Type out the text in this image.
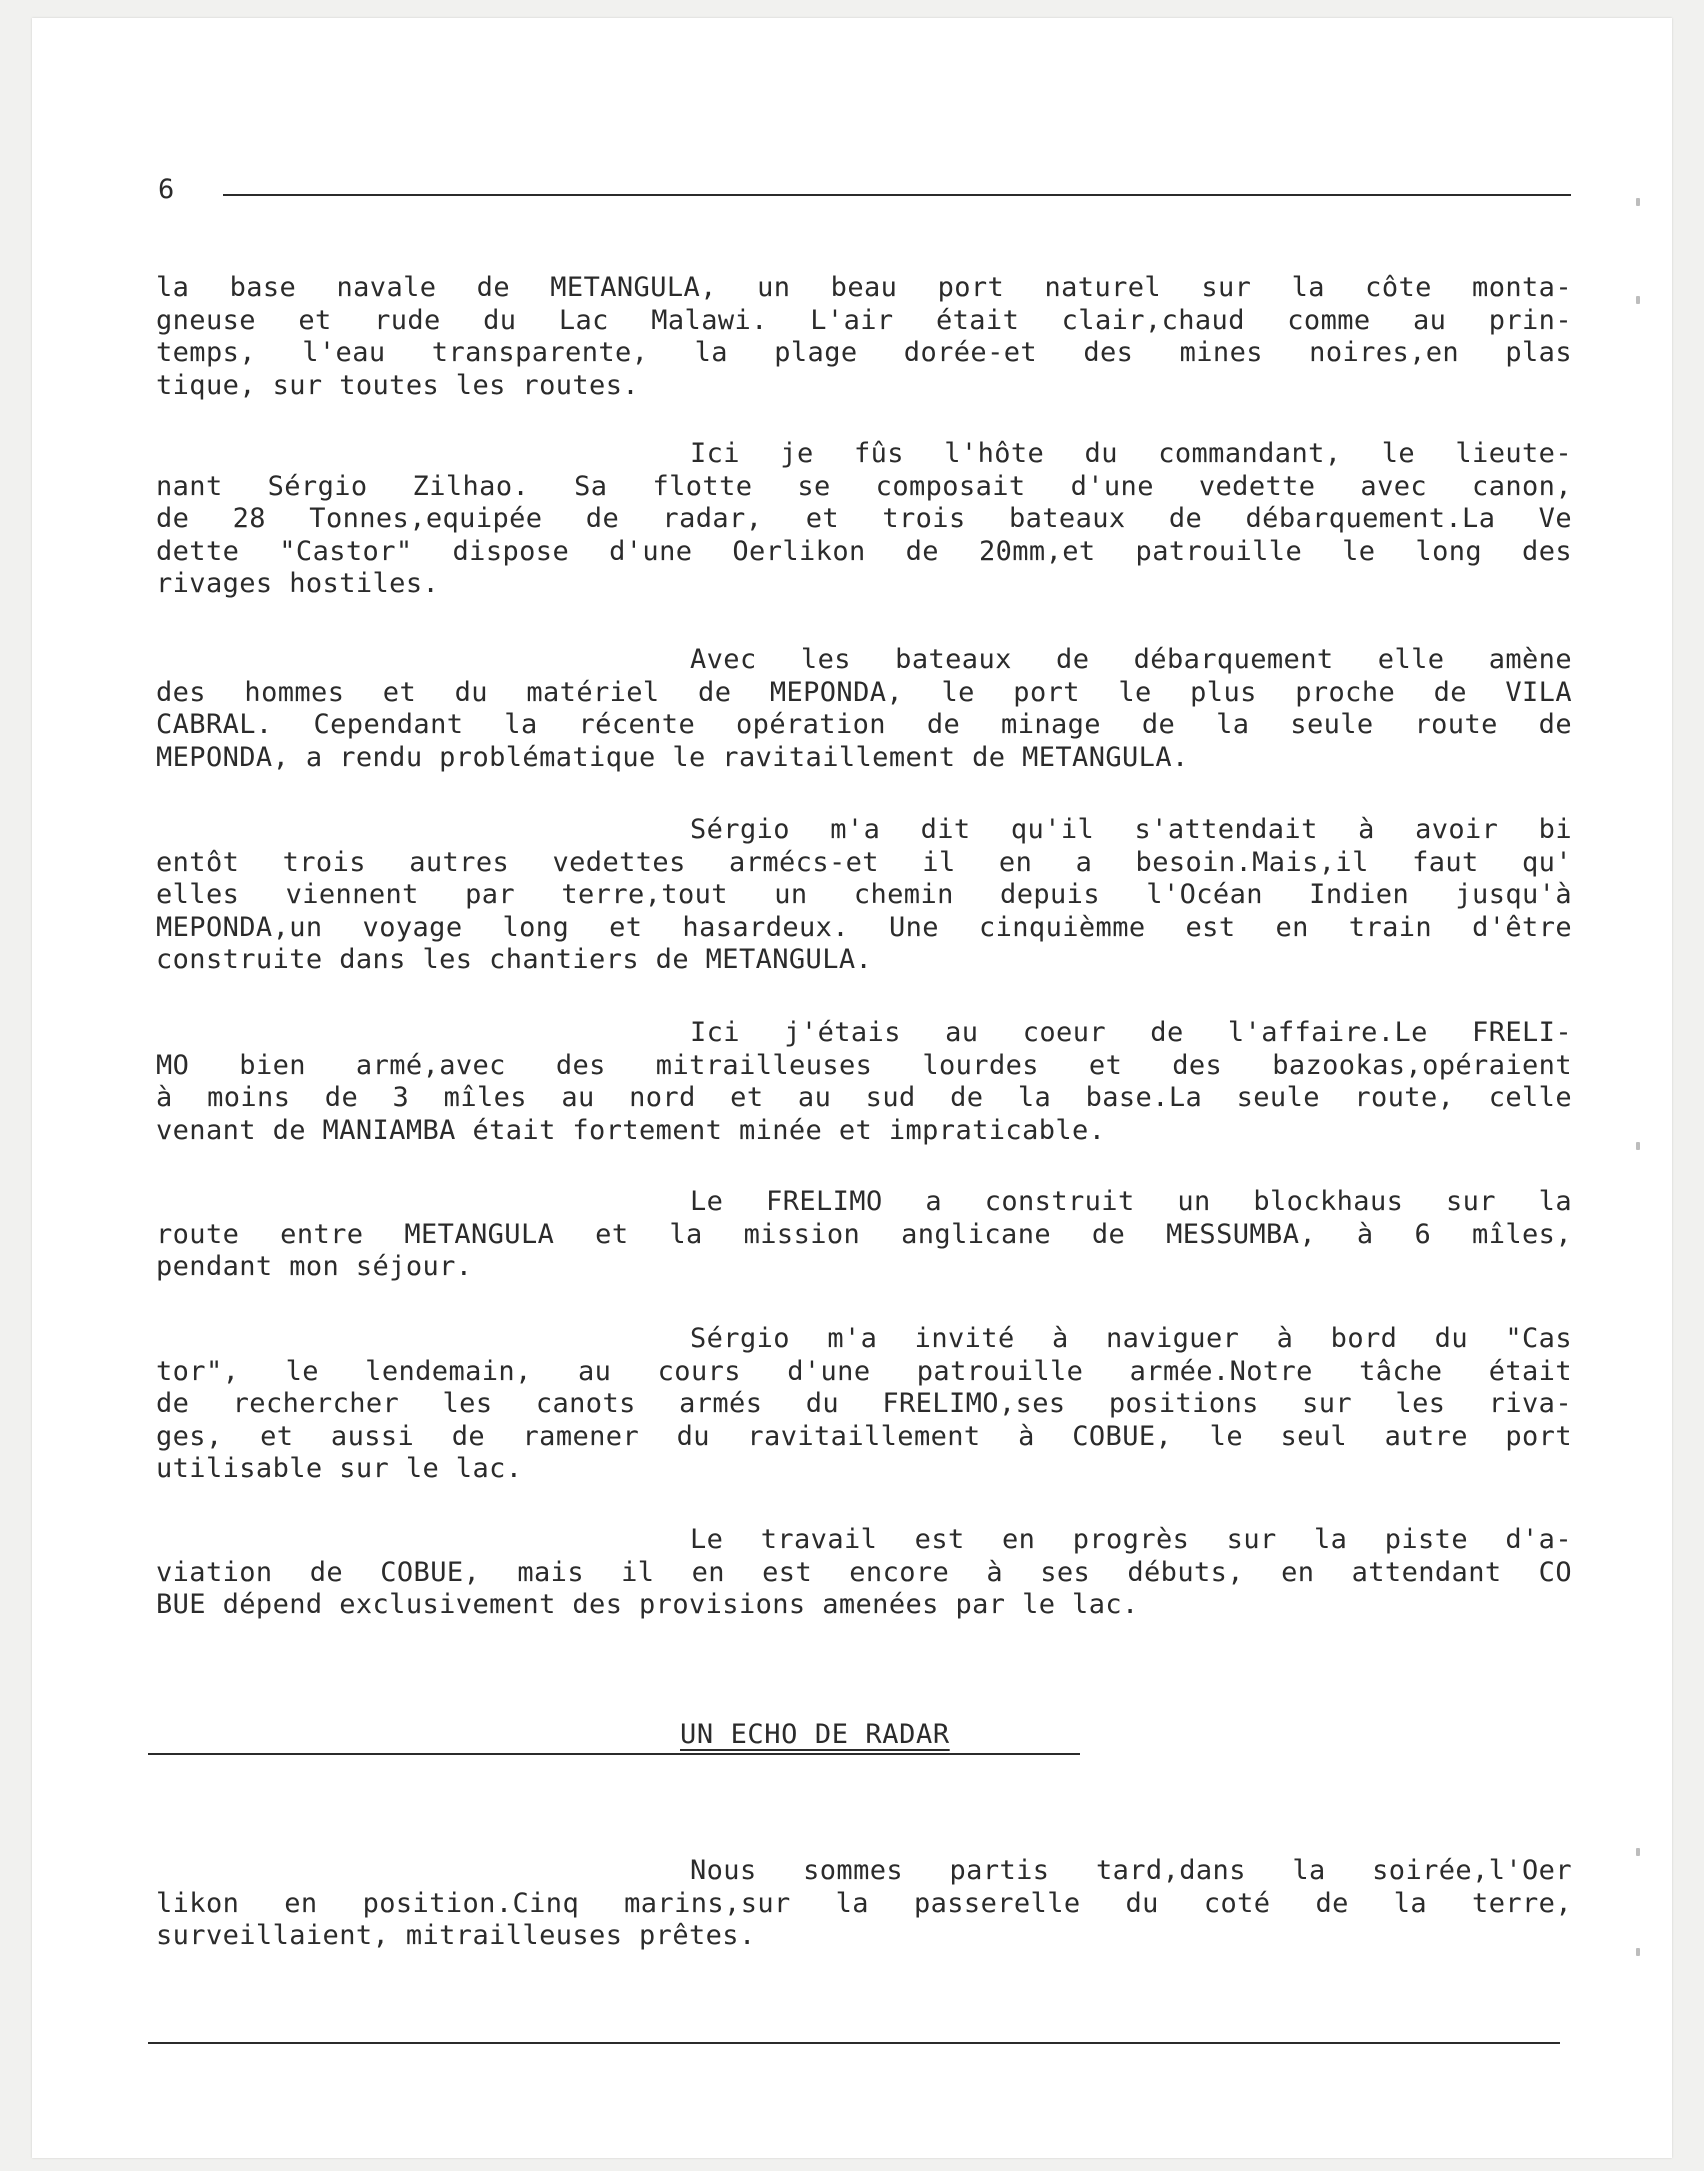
6
la base navale de METANGULA, un beau port naturel sur la côte monta-
gneuse et rude du Lac Malawi. L'air était clair,chaud comme au prin-
temps, l'eau transparente, la plage dorée-et des mines noires,en plas
tique, sur toutes les routes.
Ici je fûs l'hôte du commandant, le lieute-
nant Sérgio Zilhao. Sa flotte se composait d'une vedette avec canon,
de 28 Tonnes,equipée de radar, et trois bateaux de débarquement.La Ve
dette "Castor" dispose d'une Oerlikon de 20mm,et patrouille le long des
rivages hostiles.
Avec les bateaux de débarquement elle amène
des hommes et du matériel de MEPONDA, le port le plus proche de VILA
CABRAL. Cependant la récente opération de minage de la seule route de
MEPONDA, a rendu problématique le ravitaillement de METANGULA.
Sérgio m'a dit qu'il s'attendait à avoir bi
entôt trois autres vedettes armécs-et il en a besoin.Mais,il faut qu'
elles viennent par terre,tout un chemin depuis l'Océan Indien jusqu'à
MEPONDA,un voyage long et hasardeux. Une cinquièmme est en train d'être
construite dans les chantiers de METANGULA.
Ici j'étais au coeur de l'affaire.Le FRELI-
MO bien armé,avec des mitrailleuses lourdes et des bazookas,opéraient
à moins de 3 mîles au nord et au sud de la base.La seule route, celle
venant de MANIAMBA était fortement minée et impraticable.
Le FRELIMO a construit un blockhaus sur la
route entre METANGULA et la mission anglicane de MESSUMBA, à 6 mîles,
pendant mon séjour.
Sérgio m'a invité à naviguer à bord du "Cas
tor", le lendemain, au cours d'une patrouille armée.Notre tâche était
de rechercher les canots armés du FRELIMO,ses positions sur les riva-
ges, et aussi de ramener du ravitaillement à COBUE, le seul autre port
utilisable sur le lac.
Le travail est en progrès sur la piste d'a-
viation de COBUE, mais il en est encore à ses débuts, en attendant CO
BUE dépend exclusivement des provisions amenées par le lac.
UN ECHO DE RADAR
Nous sommes partis tard,dans la soirée,l'Oer
likon en position.Cinq marins,sur la passerelle du coté de la terre,
surveillaient, mitrailleuses prêtes.
